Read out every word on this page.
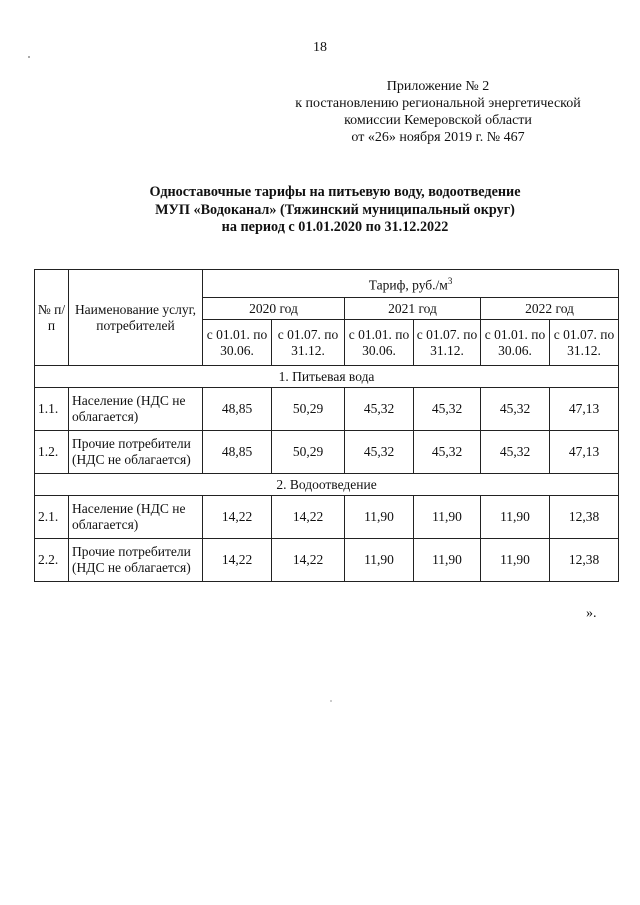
18
Приложение № 2
к постановлению региональной энергетической
комиссии Кемеровской области
от «26» ноября 2019 г. № 467
Одноставочные тарифы на питьевую воду, водоотведение
МУП «Водоканал» (Тяжинский муниципальный округ)
на период с 01.01.2020 по 31.12.2022
№ п/п	Наименование услуг, потребителей	Тариф, $руб./м^3$
		2020 год		2021 год		2022 год	
		с 01.01. по 30.06.	с 01.07. по 31.12.	с 01.01. по 30.06.	с 01.07. по 31.12.	с 01.01. по 30.06.	с 01.07. по 31.12.
1. Питьевая вода							
1.1.	Население (НДС не облагается)	48,85	50,29	45,32	45,32	45,32	47,13
1.2.	Прочие потребители (НДС не облагается)	48,85	50,29	45,32	45,32	45,32	47,13
2. Водоотведение							
2.1.	Население (НДС не облагается)	14,22	14,22	11,90	11,90	11,90	12,38
2.2.	Прочие потребители (НДС не облагается)	14,22	14,22	11,90	11,90	11,90	12,38
».
